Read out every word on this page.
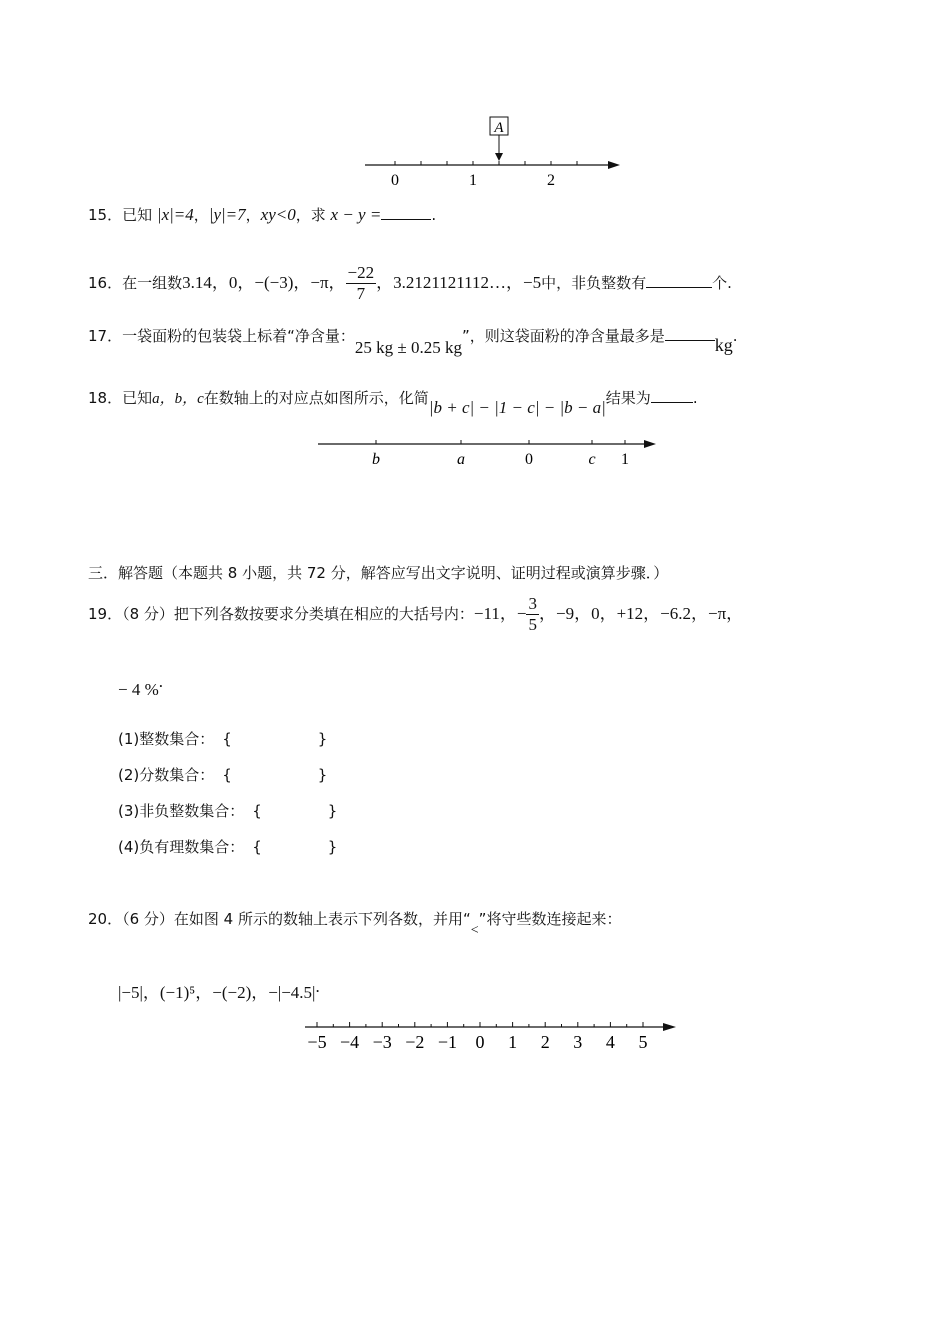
A
0	1	2
15．已知 |x|=4，|y|=7，xy<0，求 x − y =	.
16．在一组数3.14，0，−(−3)，−π， $\frac{-22}{7}$ ，3.2121121112…，−5中，非负整数有	个.
17．一袋面粉的包装袋上标着“净含量：25 kg ± 0.25 kg”，则这袋面粉的净含量最多是	kg.
18．已知a，b，c在数轴上的对应点如图所示，化简|b + c| − |1 − c| − |b − a|结果为	.
b	a	0	c 1
三．解答题（本题共 8 小题，共 72 分，解答应写出文字说明、证明过程或演算步骤．）
19．（8 分）把下列各数按要求分类填在相应的大括号内：−11，− $\frac{3}{5}$ ，−9，0，+12，−6.2，−π，
− 4 %.
(1)整数集合： {	}
(2)分数集合： {	}
(3)非负整数集合： {	}
(4)负有理数集合： {	}
20．（6 分）在如图 4 所示的数轴上表示下列各数，并用“<”将守些数连接起来：
|−5|，(−1)⁵，−(−2)，−|−4.5|.
−5 −4 −3 −2 −1 0 1 2 3 4 5
